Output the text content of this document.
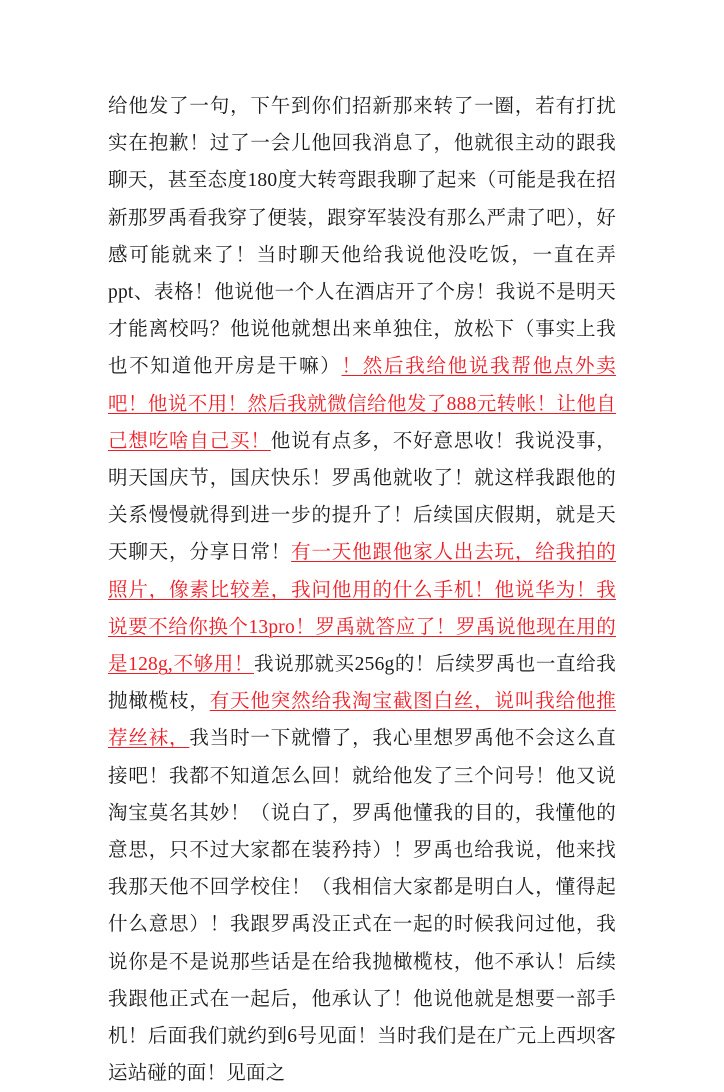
给他发了一句，下午到你们招新那来转了一圈，若有打扰实在抱歉！过了一会儿他回我消息了，他就很主动的跟我聊天，甚至态度180度大转弯跟我聊了起来（可能是我在招新那罗禹看我穿了便装，跟穿军装没有那么严肃了吧），好感可能就来了！当时聊天他给我说他没吃饭，一直在弄ppt、表格！他说他一个人在酒店开了个房！我说不是明天才能离校吗？他说他就想出来单独住，放松下（事实上我也不知道他开房是干嘛）！然后我给他说我帮他点外卖吧！他说不用！然后我就微信给他发了888元转帐！让他自己想吃啥自己买！他说有点多，不好意思收！我说没事，明天国庆节，国庆快乐！罗禹他就收了！就这样我跟他的关系慢慢就得到进一步的提升了！后续国庆假期，就是天天聊天，分享日常！有一天他跟他家人出去玩，给我拍的照片，像素比较差，我问他用的什么手机！他说华为！我说要不给你换个13pro！罗禹就答应了！罗禹说他现在用的是128g,不够用！我说那就买256g的！后续罗禹也一直给我抛橄榄枝，有天他突然给我淘宝截图白丝，说叫我给他推荐丝袜，我当时一下就懵了，我心里想罗禹他不会这么直接吧！我都不知道怎么回！就给他发了三个问号！他又说淘宝莫名其妙！（说白了，罗禹他懂我的目的，我懂他的意思，只不过大家都在装矜持）！罗禹也给我说，他来找我那天他不回学校住！（我相信大家都是明白人，懂得起什么意思）！我跟罗禹没正式在一起的时候我问过他，我说你是不是说那些话是在给我抛橄榄枝，他不承认！后续我跟他正式在一起后，他承认了！他说他就是想要一部手机！后面我们就约到6号见面！当时我们是在广元上西坝客运站碰的面！见面之
